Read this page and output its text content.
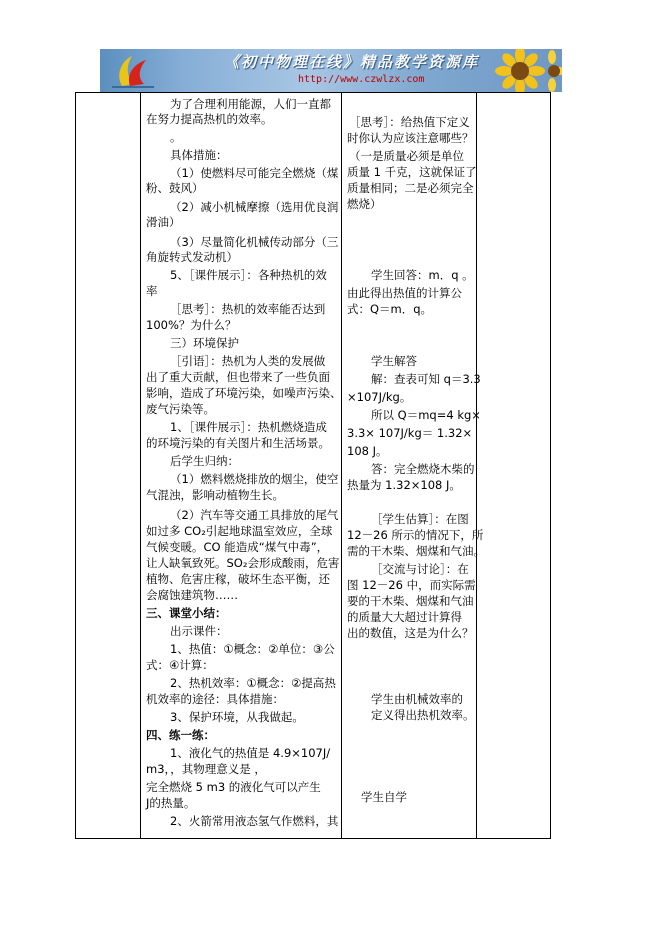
《初中物理在线》精品教学资源库
http://www.czwlzx.com
为了合理利用能源，人们一直都
在努力提高热机的效率。
。
具体措施：
（1）使燃料尽可能完全燃烧（煤
粉、鼓风）
（2）减小机械摩擦（选用优良润
滑油）
（3）尽量简化机械传动部分（三
角旋转式发动机）
5、［课件展示］：各种热机的效
率
［思考］：热机的效率能否达到
100%？为什么？
三）环境保护
［引语］：热机为人类的发展做
出了重大贡献，但也带来了一些负面
影响，造成了环境污染，如噪声污染、
废气污染等。
1、［课件展示］：热机燃烧造成
的环境污染的有关图片和生活场景。
后学生归纳：
（1）燃料燃烧排放的烟尘，使空
气混浊，影响动植物生长。
（2）汽车等交通工具排放的尾气
如过多 CO₂引起地球温室效应，全球
气候变暖。CO 能造成“煤气中毒”，
让人缺氧致死。SO₂会形成酸雨，危害
植物、危害庄稼，破坏生态平衡，还
会腐蚀建筑物……
三、课堂小结：
出示课件：
1、热值：①概念：②单位：③公
式：④计算：
2、热机效率：①概念：②提高热
机效率的途径：具体措施：
3、保护环境，从我做起。
四、练一练：
1、液化气的热值是 4.9×107J/
m3，，其物理意义是 ，
完全燃烧 5 m3 的液化气可以产生
J的热量。
2、火箭常用液态氢气作燃料，其
［思考］：给热值下定义
时你认为应该注意哪些？
（一是质量必须是单位
质量 1 千克，这就保证了
质量相同；二是必须完全
燃烧）
学生回答：m．q 。
由此得出热值的计算公
式：Q＝m．q。
学生解答
解：查表可知 q＝3.3
×107J/kg。
所以 Q＝mq=4 kg×
3.3× 107J/kg＝ 1.32×
108 J。
答：完全燃烧木柴的
热量为 1.32×108 J。
［学生估算］：在图
12－26 所示的情况下，所
需的干木柴、烟煤和气油。
［交流与讨论］：在
图 12－26 中，而实际需
要的干木柴、烟煤和气油
的质量大大超过计算得
出的数值，这是为什么？
学生由机械效率的
定义得出热机效率。
学生自学
